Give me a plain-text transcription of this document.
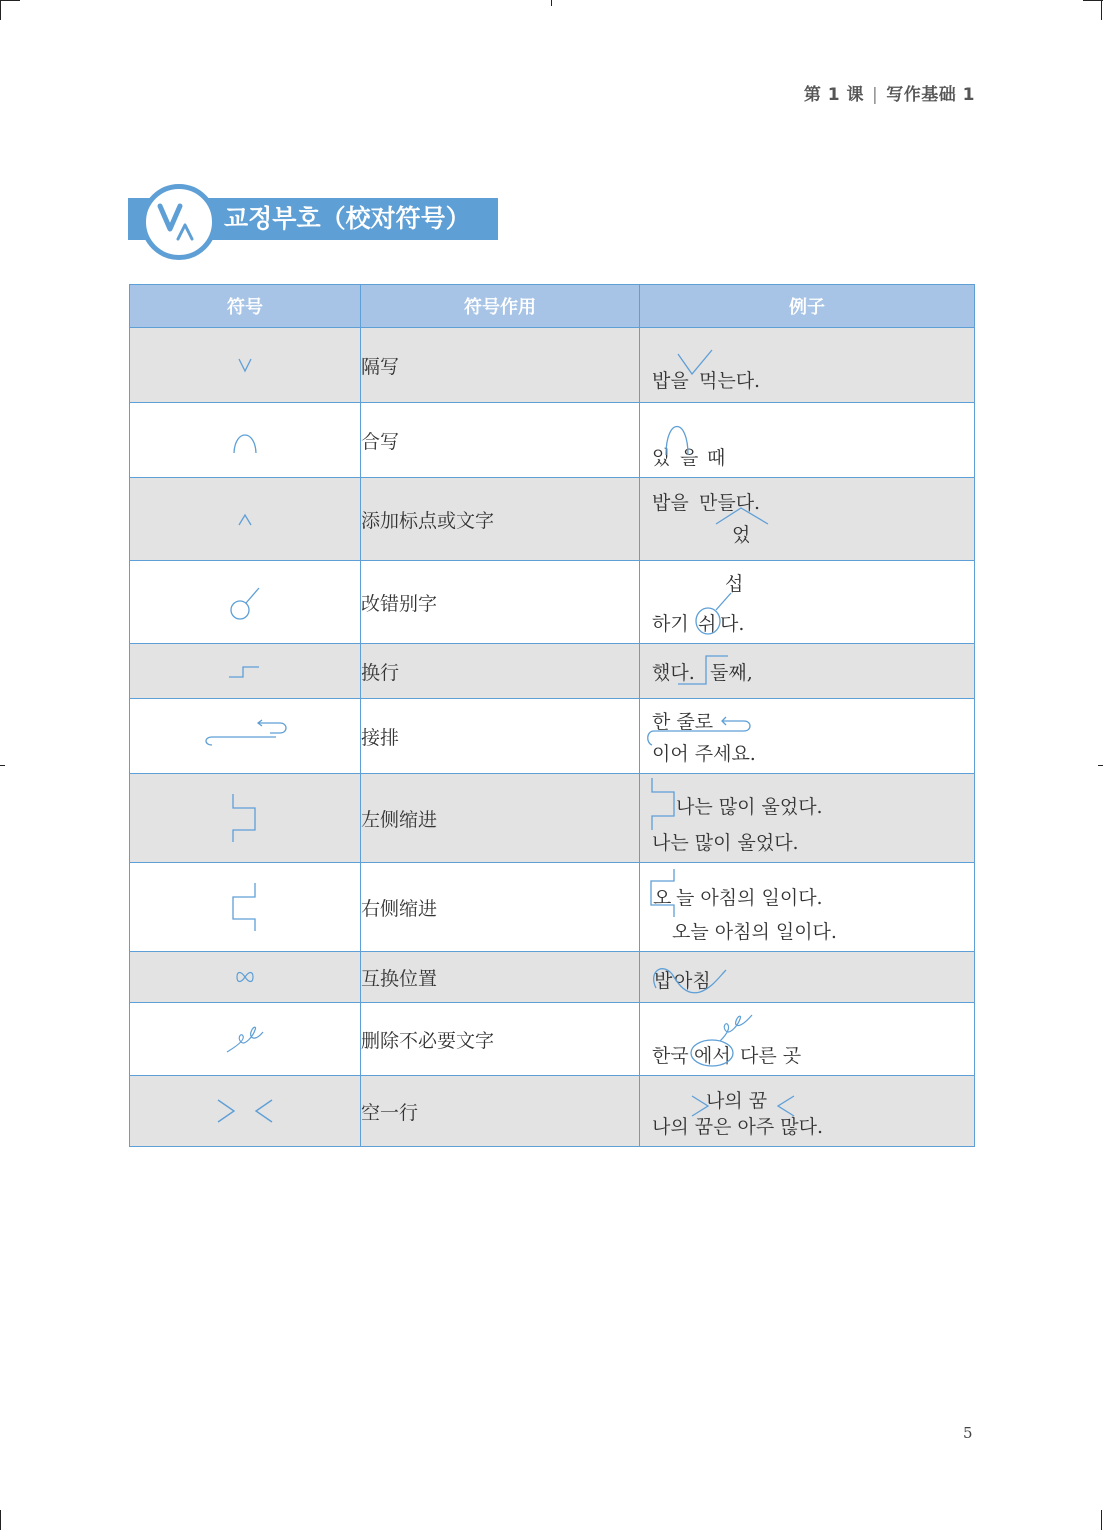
第 1 课 | 写作基础 1
교정부호（校对符号）
符号	符号作用	例子

	隔写	밥을 먹는다.

	合写	있 을 때

	添加标点或文字	밥을 만들다.
었

	改错别字	섭
하기 쉬 다.

	换行	했다. 둘째,

	接排	한 줄로
이어 주세요.

	左侧缩进	나는 많이 울었다.
나는 많이 울었다.

	右侧缩进	오 늘 아침의 일이다.
오늘 아침의 일이다.

	互换位置	밥 아침

	删除不必要文字	한국 에서 다른 곳

	空一行	나의 꿈
나의 꿈은 아주 많다.
5
